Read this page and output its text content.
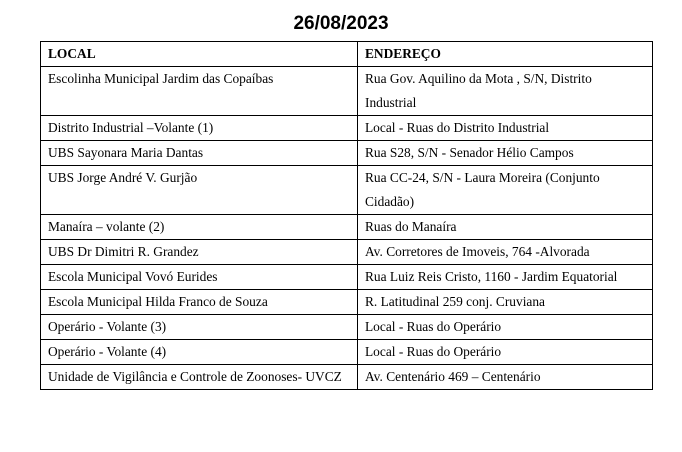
26/08/2023
LOCAL	ENDEREÇO
Escolinha Municipal Jardim das Copaíbas	Rua Gov. Aquilino da Mota , S/N, Distrito Industrial
Distrito Industrial –Volante (1)	Local - Ruas do Distrito Industrial
UBS Sayonara Maria Dantas	Rua S28, S/N - Senador Hélio Campos
UBS Jorge André V. Gurjão	Rua CC-24, S/N - Laura Moreira (Conjunto Cidadão)
Manaíra – volante (2)	Ruas do Manaíra
UBS Dr Dimitri R. Grandez	Av. Corretores de Imoveis, 764 -Alvorada
Escola Municipal Vovó Eurides	Rua Luiz Reis Cristo, 1160 - Jardim Equatorial
Escola Municipal Hilda Franco de Souza	R. Latitudinal 259 conj. Cruviana
Operário - Volante (3)	Local - Ruas do Operário
Operário - Volante (4)	Local - Ruas do Operário
Unidade de Vigilância e Controle de Zoonoses- UVCZ	Av. Centenário 469 – Centenário
